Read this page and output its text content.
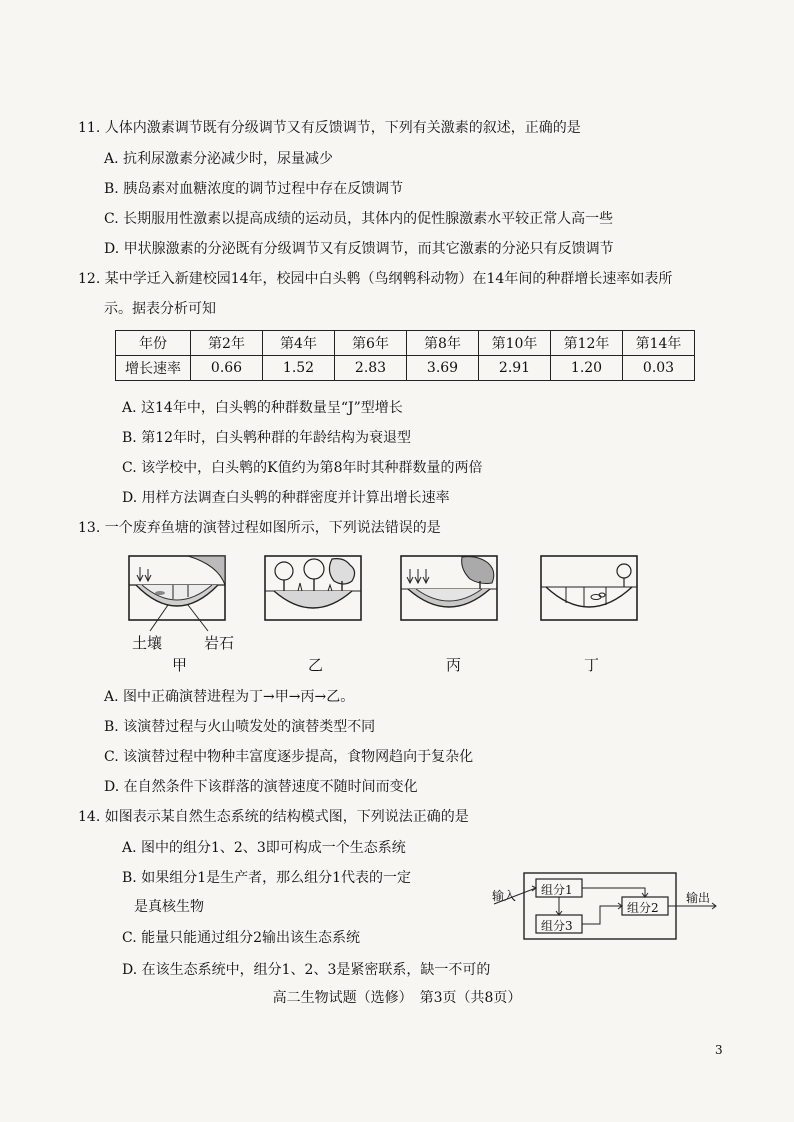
11. 人体内激素调节既有分级调节又有反馈调节，下列有关激素的叙述，正确的是
A. 抗利尿激素分泌减少时，尿量减少
B. 胰岛素对血糖浓度的调节过程中存在反馈调节
C. 长期服用性激素以提高成绩的运动员，其体内的促性腺激素水平较正常人高一些
D. 甲状腺激素的分泌既有分级调节又有反馈调节，而其它激素的分泌只有反馈调节
12. 某中学迁入新建校园14年，校园中白头鹎（鸟纲鹎科动物）在14年间的种群增长速率如表所
示。据表分析可知
年份	第2年	第4年	第6年	第8年	第10年	第12年	第14年
增长速率	0.66	1.52	2.83	3.69	2.91	1.20	0.03
A. 这14年中，白头鹎的种群数量呈“J”型增长
B. 第12年时，白头鹎种群的年龄结构为衰退型
C. 该学校中，白头鹎的K值约为第8年时其种群数量的两倍
D. 用样方法调查白头鹎的种群密度并计算出增长速率
13. 一个废弃鱼塘的演替过程如图所示，下列说法错误的是
土壤	岩石
甲	乙	丙	丁
A. 图中正确演替进程为丁→甲→丙→乙。
B. 该演替过程与火山喷发处的演替类型不同
C. 该演替过程中物种丰富度逐步提高，食物网趋向于复杂化
D. 在自然条件下该群落的演替速度不随时间而变化
14. 如图表示某自然生态系统的结构模式图，下列说法正确的是
A. 图中的组分1、2、3即可构成一个生态系统
B. 如果组分1是生产者，那么组分1代表的一定
是真核生物
C. 能量只能通过组分2输出该生态系统
D. 在该生态系统中，组分1、2、3是紧密联系，缺一不可的
输入	输出
组分1
组分2
组分3
高二生物试题（选修）　第3页（共8页）
3
